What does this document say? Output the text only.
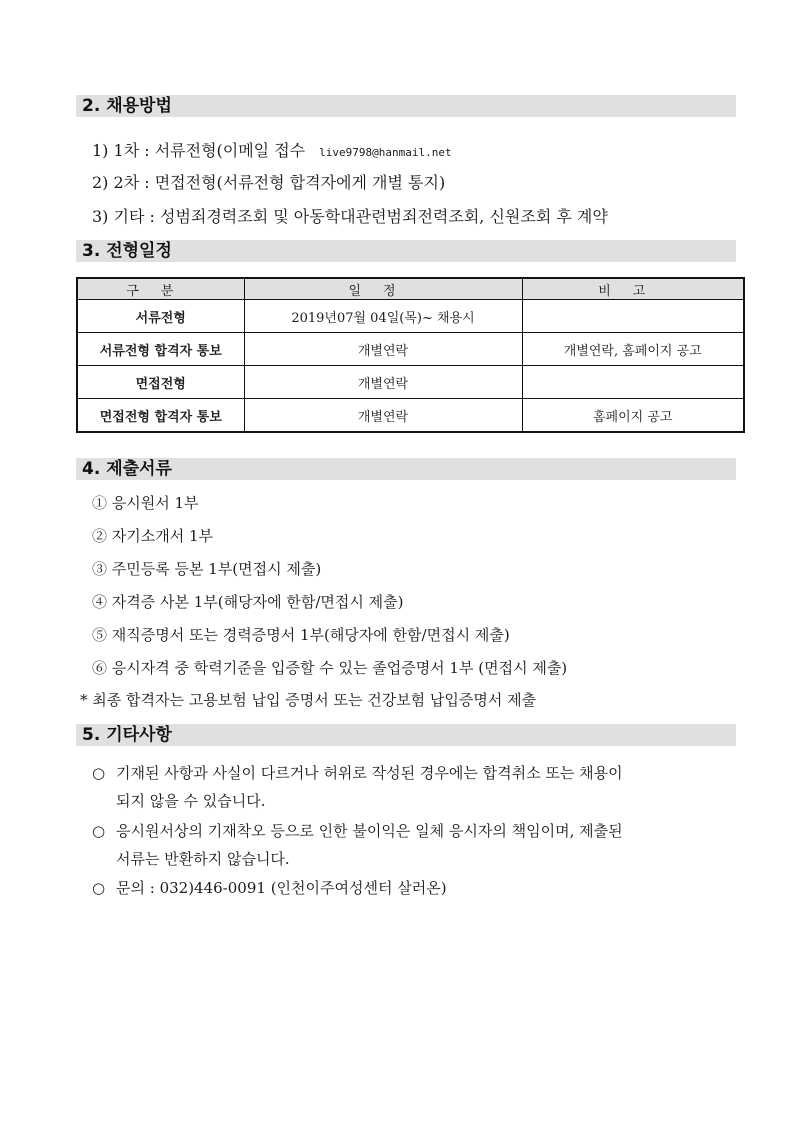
2. 채용방법
1) 1차 : 서류전형(이메일 접수 live9798@hanmail.net
2) 2차 : 면접전형(서류전형 합격자에게 개별 통지)
3) 기타 : 성범죄경력조회 및 아동학대관련범죄전력조회, 신원조회 후 계약
3. 전형일정
구분	일정	비고
서류전형	2019년07월 04일(목)~ 채용시	
서류전형 합격자 통보	개별연락	개별연락, 홈페이지 공고
면접전형	개별연락	
면접전형 합격자 통보	개별연락	홈페이지 공고
4. 제출서류
① 응시원서 1부
② 자기소개서 1부
③ 주민등록 등본 1부(면접시 제출)
④ 자격증 사본 1부(해당자에 한함/면접시 제출)
⑤ 재직증명서 또는 경력증명서 1부(해당자에 한함/면접시 제출)
⑥ 응시자격 중 학력기준을 입증할 수 있는 졸업증명서 1부 (면접시 제출)
* 최종 합격자는 고용보험 납입 증명서 또는 건강보험 납입증명서 제출
5. 기타사항
○ 기재된 사항과 사실이 다르거나 허위로 작성된 경우에는 합격취소 또는 채용이
되지 않을 수 있습니다.
○ 응시원서상의 기재착오 등으로 인한 불이익은 일체 응시자의 책임이며, 제출된
서류는 반환하지 않습니다.
○ 문의 : 032)446-0091 (인천이주여성센터 살러온)
